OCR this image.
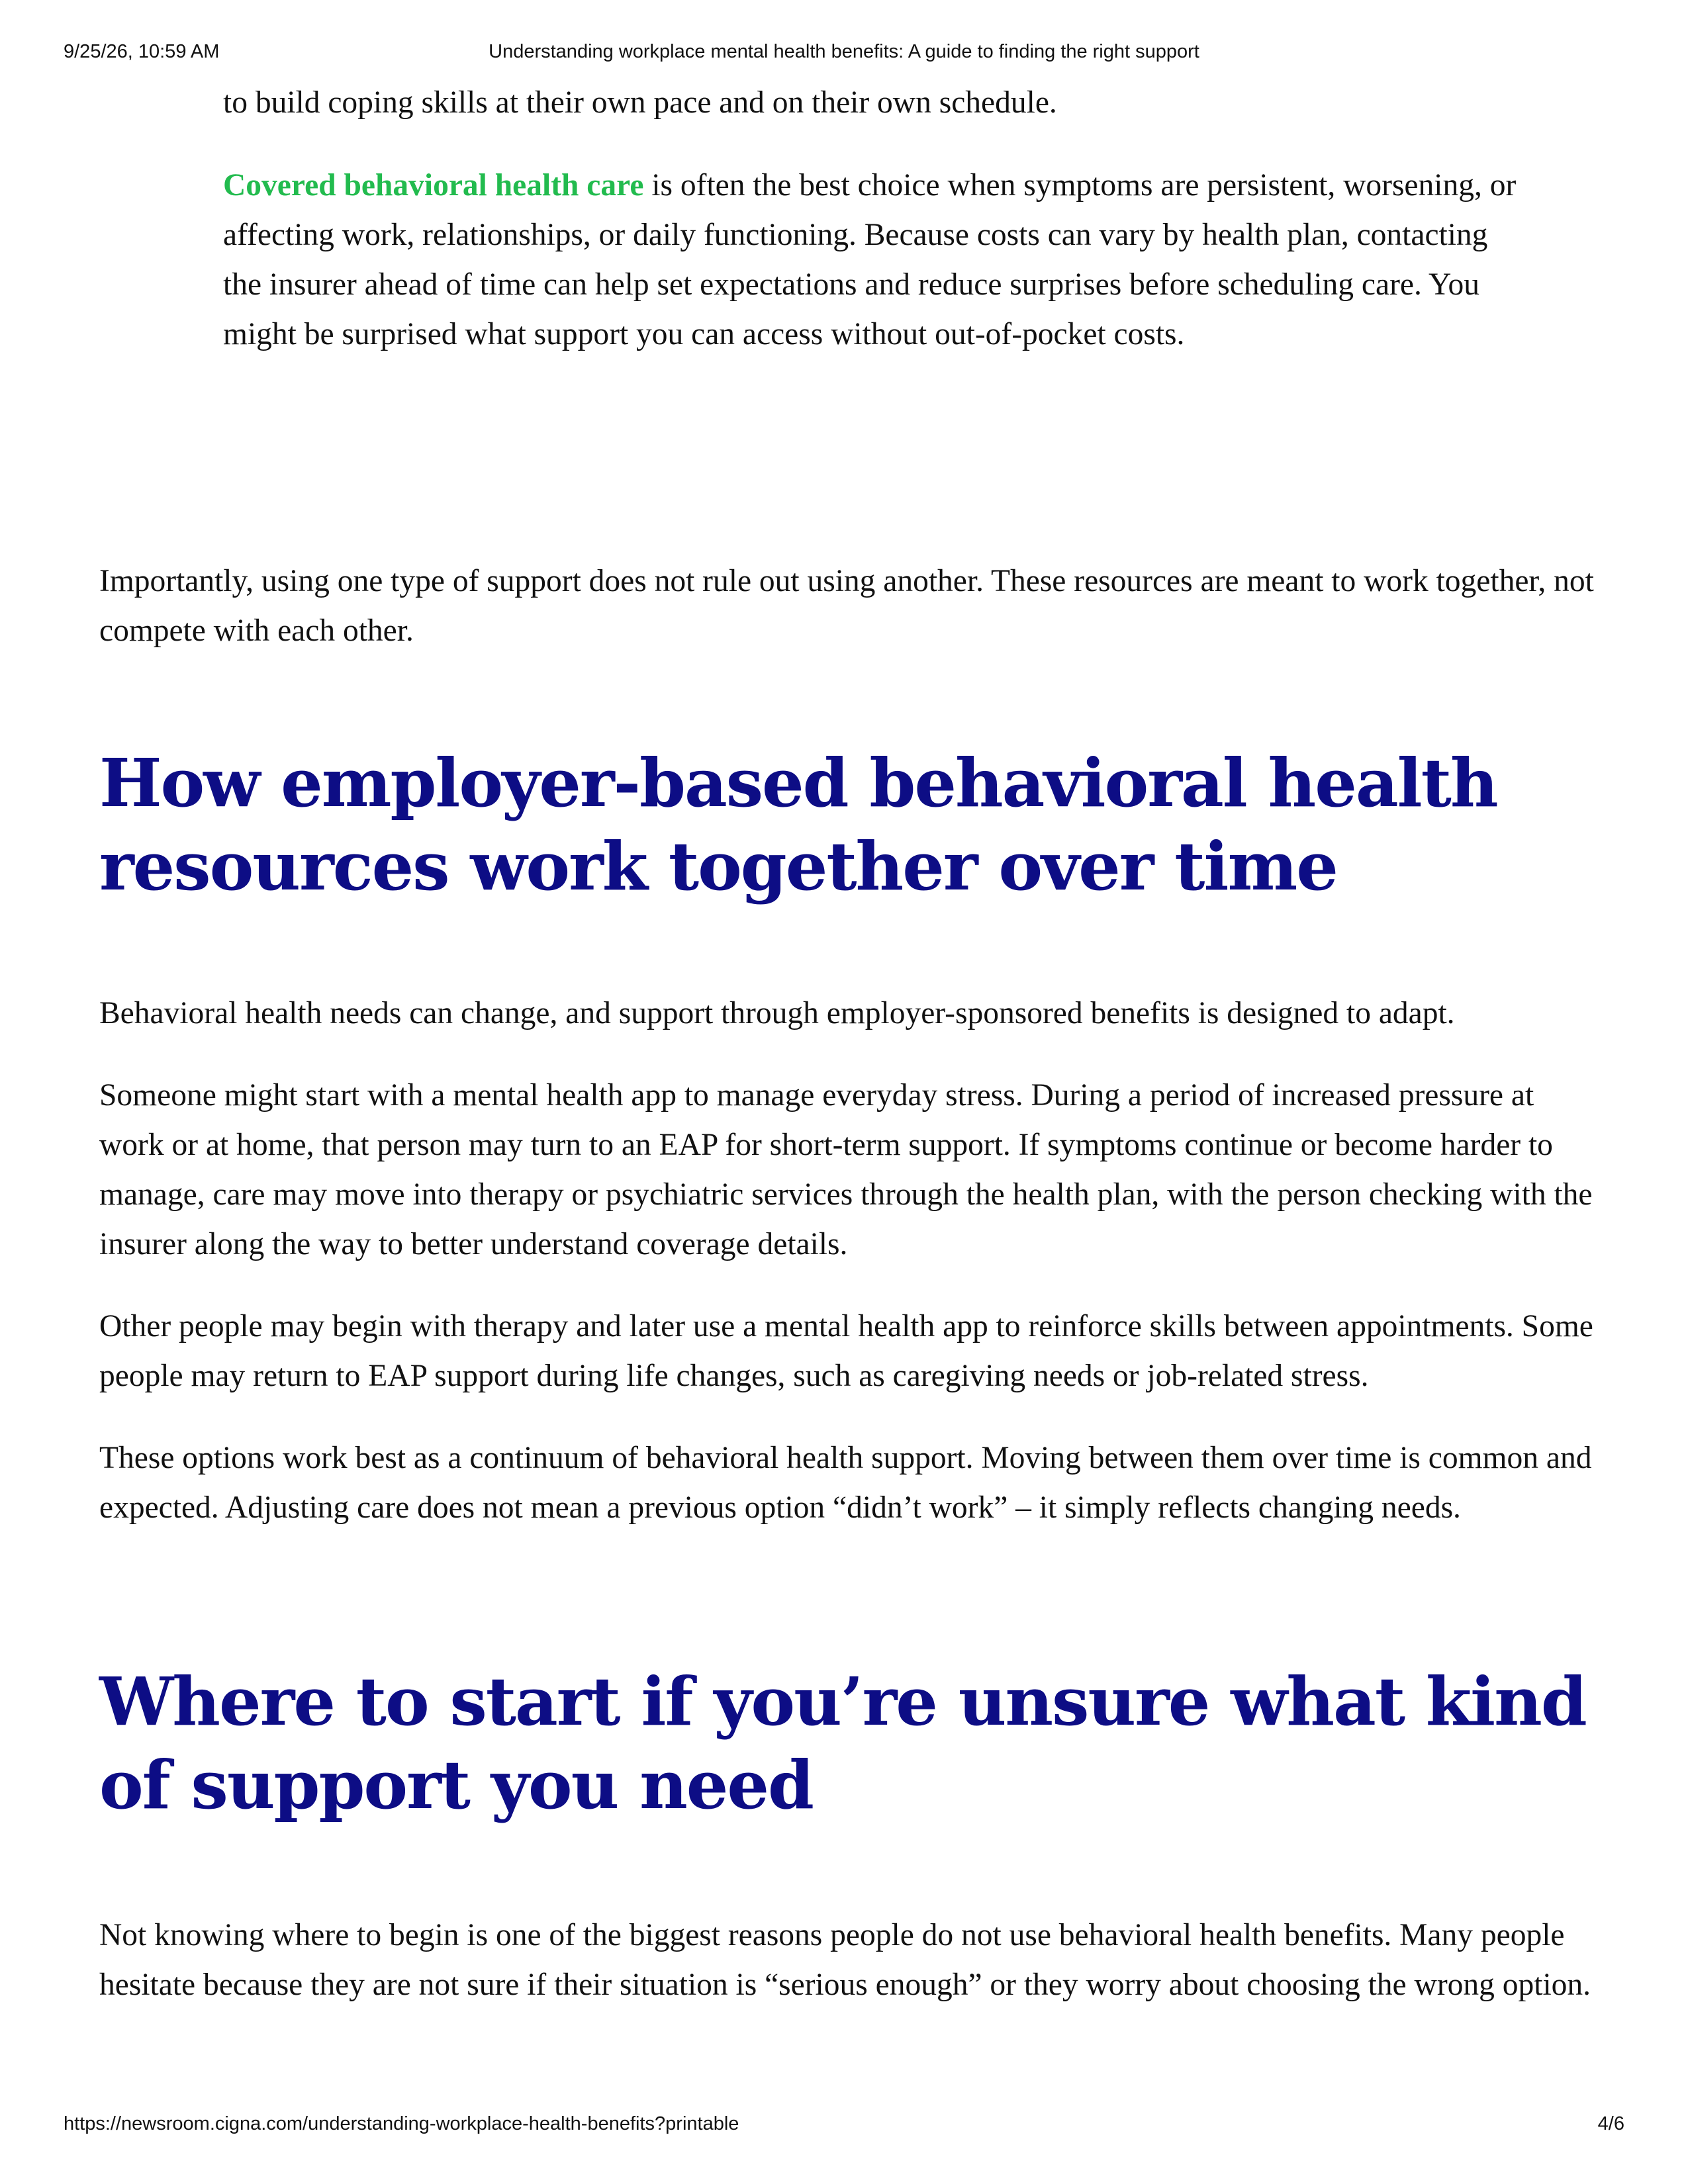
9/25/26, 10:59 AM	Understanding workplace mental health benefits: A guide to finding the right support

to build coping skills at their own pace and on their own schedule.

Covered behavioral health care is often the best choice when symptoms are persistent, worsening, or affecting work, relationships, or daily functioning. Because costs can vary by health plan, contacting the insurer ahead of time can help set expectations and reduce surprises before scheduling care. You might be surprised what support you can access without out-of-pocket costs.

Importantly, using one type of support does not rule out using another. These resources are meant to work together, not compete with each other.

How employer-based behavioral health resources work together over time

Behavioral health needs can change, and support through employer-sponsored benefits is designed to adapt.

Someone might start with a mental health app to manage everyday stress. During a period of increased pressure at work or at home, that person may turn to an EAP for short-term support. If symptoms continue or become harder to manage, care may move into therapy or psychiatric services through the health plan, with the person checking with the insurer along the way to better understand coverage details.

Other people may begin with therapy and later use a mental health app to reinforce skills between appointments. Some people may return to EAP support during life changes, such as caregiving needs or job-related stress.

These options work best as a continuum of behavioral health support. Moving between them over time is common and expected. Adjusting care does not mean a previous option “didn’t work” – it simply reflects changing needs.

Where to start if you’re unsure what kind of support you need

Not knowing where to begin is one of the biggest reasons people do not use behavioral health benefits. Many people hesitate because they are not sure if their situation is “serious enough” or they worry about choosing the wrong option.

https://newsroom.cigna.com/understanding-workplace-health-benefits?printable	4/6
